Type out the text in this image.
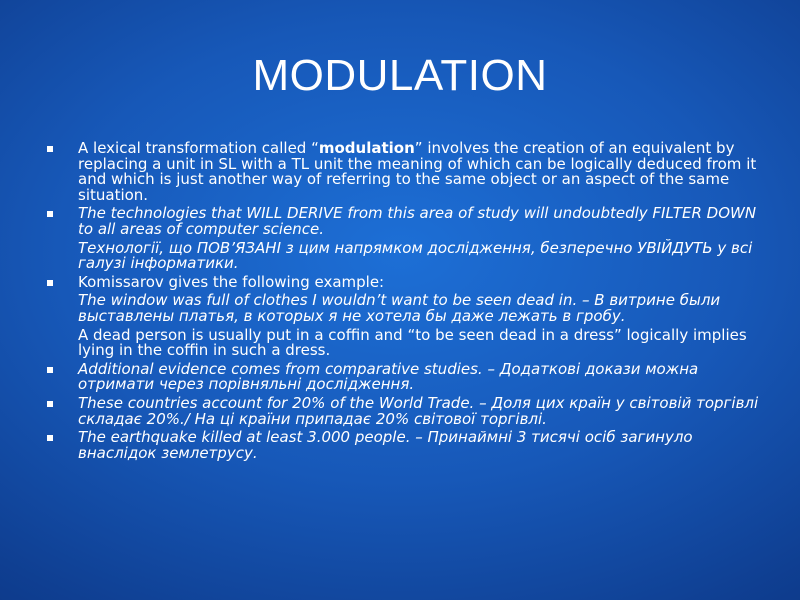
MODULATION
A lexical transformation called “modulation” involves the creation of an equivalent by replacing a unit in SL with a TL unit the meaning of which can be logically deduced from it and which is just another way of referring to the same object or an aspect of the same situation.
The technologies that WILL DERIVE from this area of study will undoubtedly FILTER DOWN to all areas of computer science.
Технології, що ПОВ’ЯЗАНІ з цим напрямком дослідження, безперечно УВІЙДУТЬ у всі галузі інформатики.
Komissarov gives the following example:
The window was full of clothes I wouldn’t want to be seen dead in. – В витрине были выставлены платья, в которых я не хотела бы даже лежать в гробу.
A dead person is usually put in a coffin and “to be seen dead in a dress” logically implies lying in the coffin in such a dress.
Additional evidence comes from comparative studies. – Додаткові докази можна отримати через порівняльні дослідження.
These countries account for 20% of the World Trade. – Доля цих країн у світовій торгівлі складає 20%./ На ці країни припадає 20% світової торгівлі.
The earthquake killed at least 3.000 people. – Принаймні 3 тисячі осіб загинуло внаслідок землетрусу.
